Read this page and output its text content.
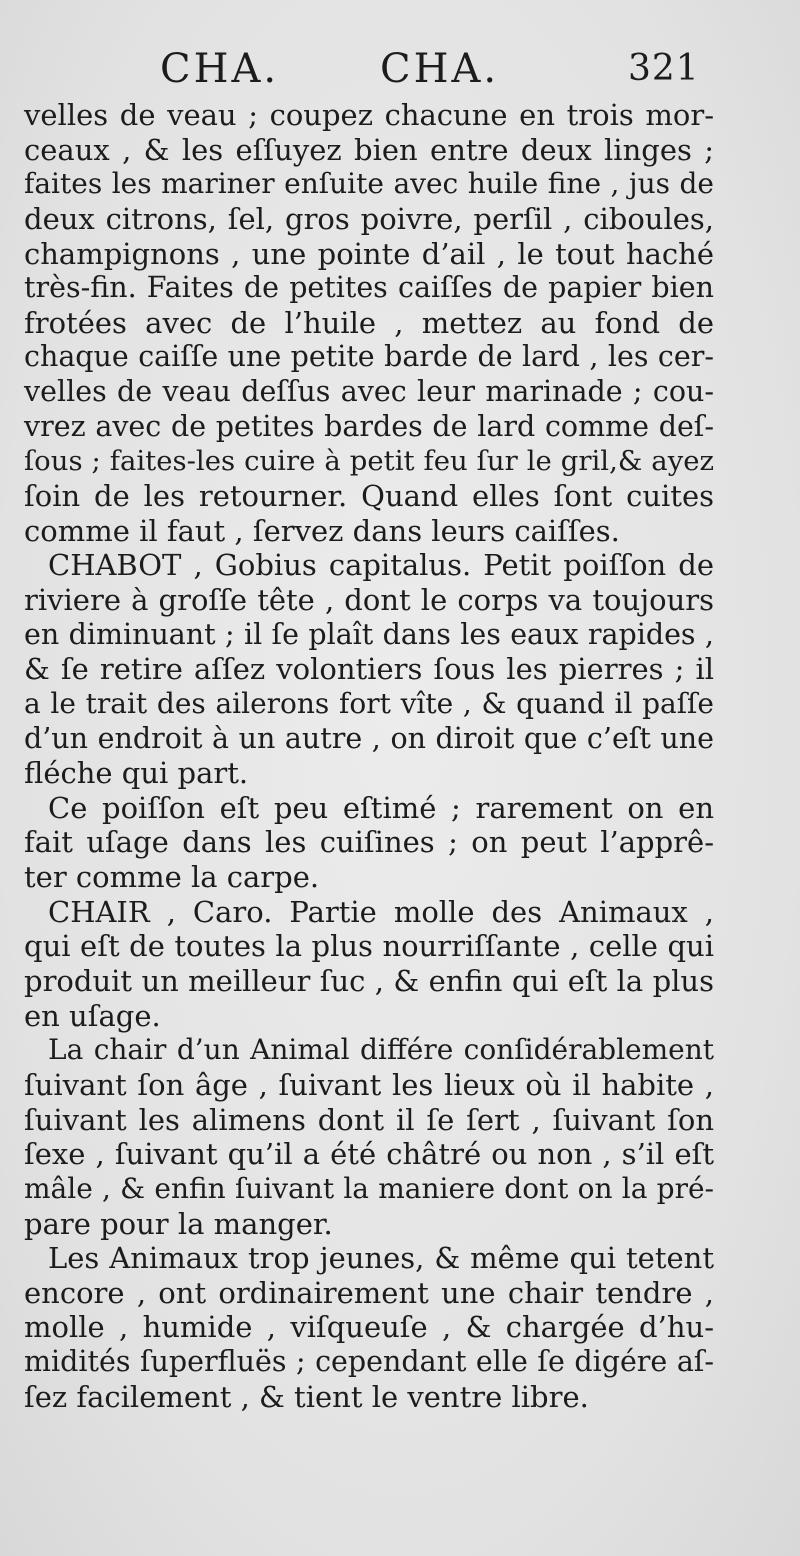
CHA.	CHA.	321
velles de veau ; coupez chacune en trois mor-
ceaux , & les eſſuyez bien entre deux linges ;
faites les mariner enſuite avec huile fine , jus de
deux citrons, ſel, gros poivre, perſil , ciboules,
champignons , une pointe d’ail , le tout haché
très-fin. Faites de petites caiſſes de papier bien
frotées avec de l’huile , mettez au fond de
chaque caiſſe une petite barde de lard , les cer-
velles de veau deſſus avec leur marinade ; cou-
vrez avec de petites bardes de lard comme deſ-
ſous ; faites-les cuire à petit feu ſur le gril,& ayez
ſoin de les retourner. Quand elles ſont cuites
comme il faut , ſervez dans leurs caiſſes.
CHABOT , Gobius capitalus. Petit poiſſon de
riviere à groſſe tête , dont le corps va toujours
en diminuant ; il ſe plaît dans les eaux rapides ,
& ſe retire aſſez volontiers ſous les pierres ; il
a le trait des ailerons fort vîte , & quand il paſſe
d’un endroit à un autre , on diroit que c’eſt une
fléche qui part.
Ce poiſſon eſt peu eſtimé ; rarement on en
fait uſage dans les cuiſines ; on peut l’apprê-
ter comme la carpe.
CHAIR , Caro. Partie molle des Animaux ,
qui eſt de toutes la plus nourriſſante , celle qui
produit un meilleur ſuc , & enfin qui eſt la plus
en uſage.
La chair d’un Animal différe conſidérablement
ſuivant ſon âge , ſuivant les lieux où il habite ,
ſuivant les alimens dont il ſe ſert , ſuivant ſon
ſexe , ſuivant qu’il a été châtré ou non , s’il eſt
mâle , & enfin ſuivant la maniere dont on la pré-
pare pour la manger.
Les Animaux trop jeunes, & même qui tetent
encore , ont ordinairement une chair tendre ,
molle , humide , viſqueuſe , & chargée d’hu-
midités ſuperfluës ; cependant elle ſe digére aſ-
ſez facilement , & tient le ventre libre.
